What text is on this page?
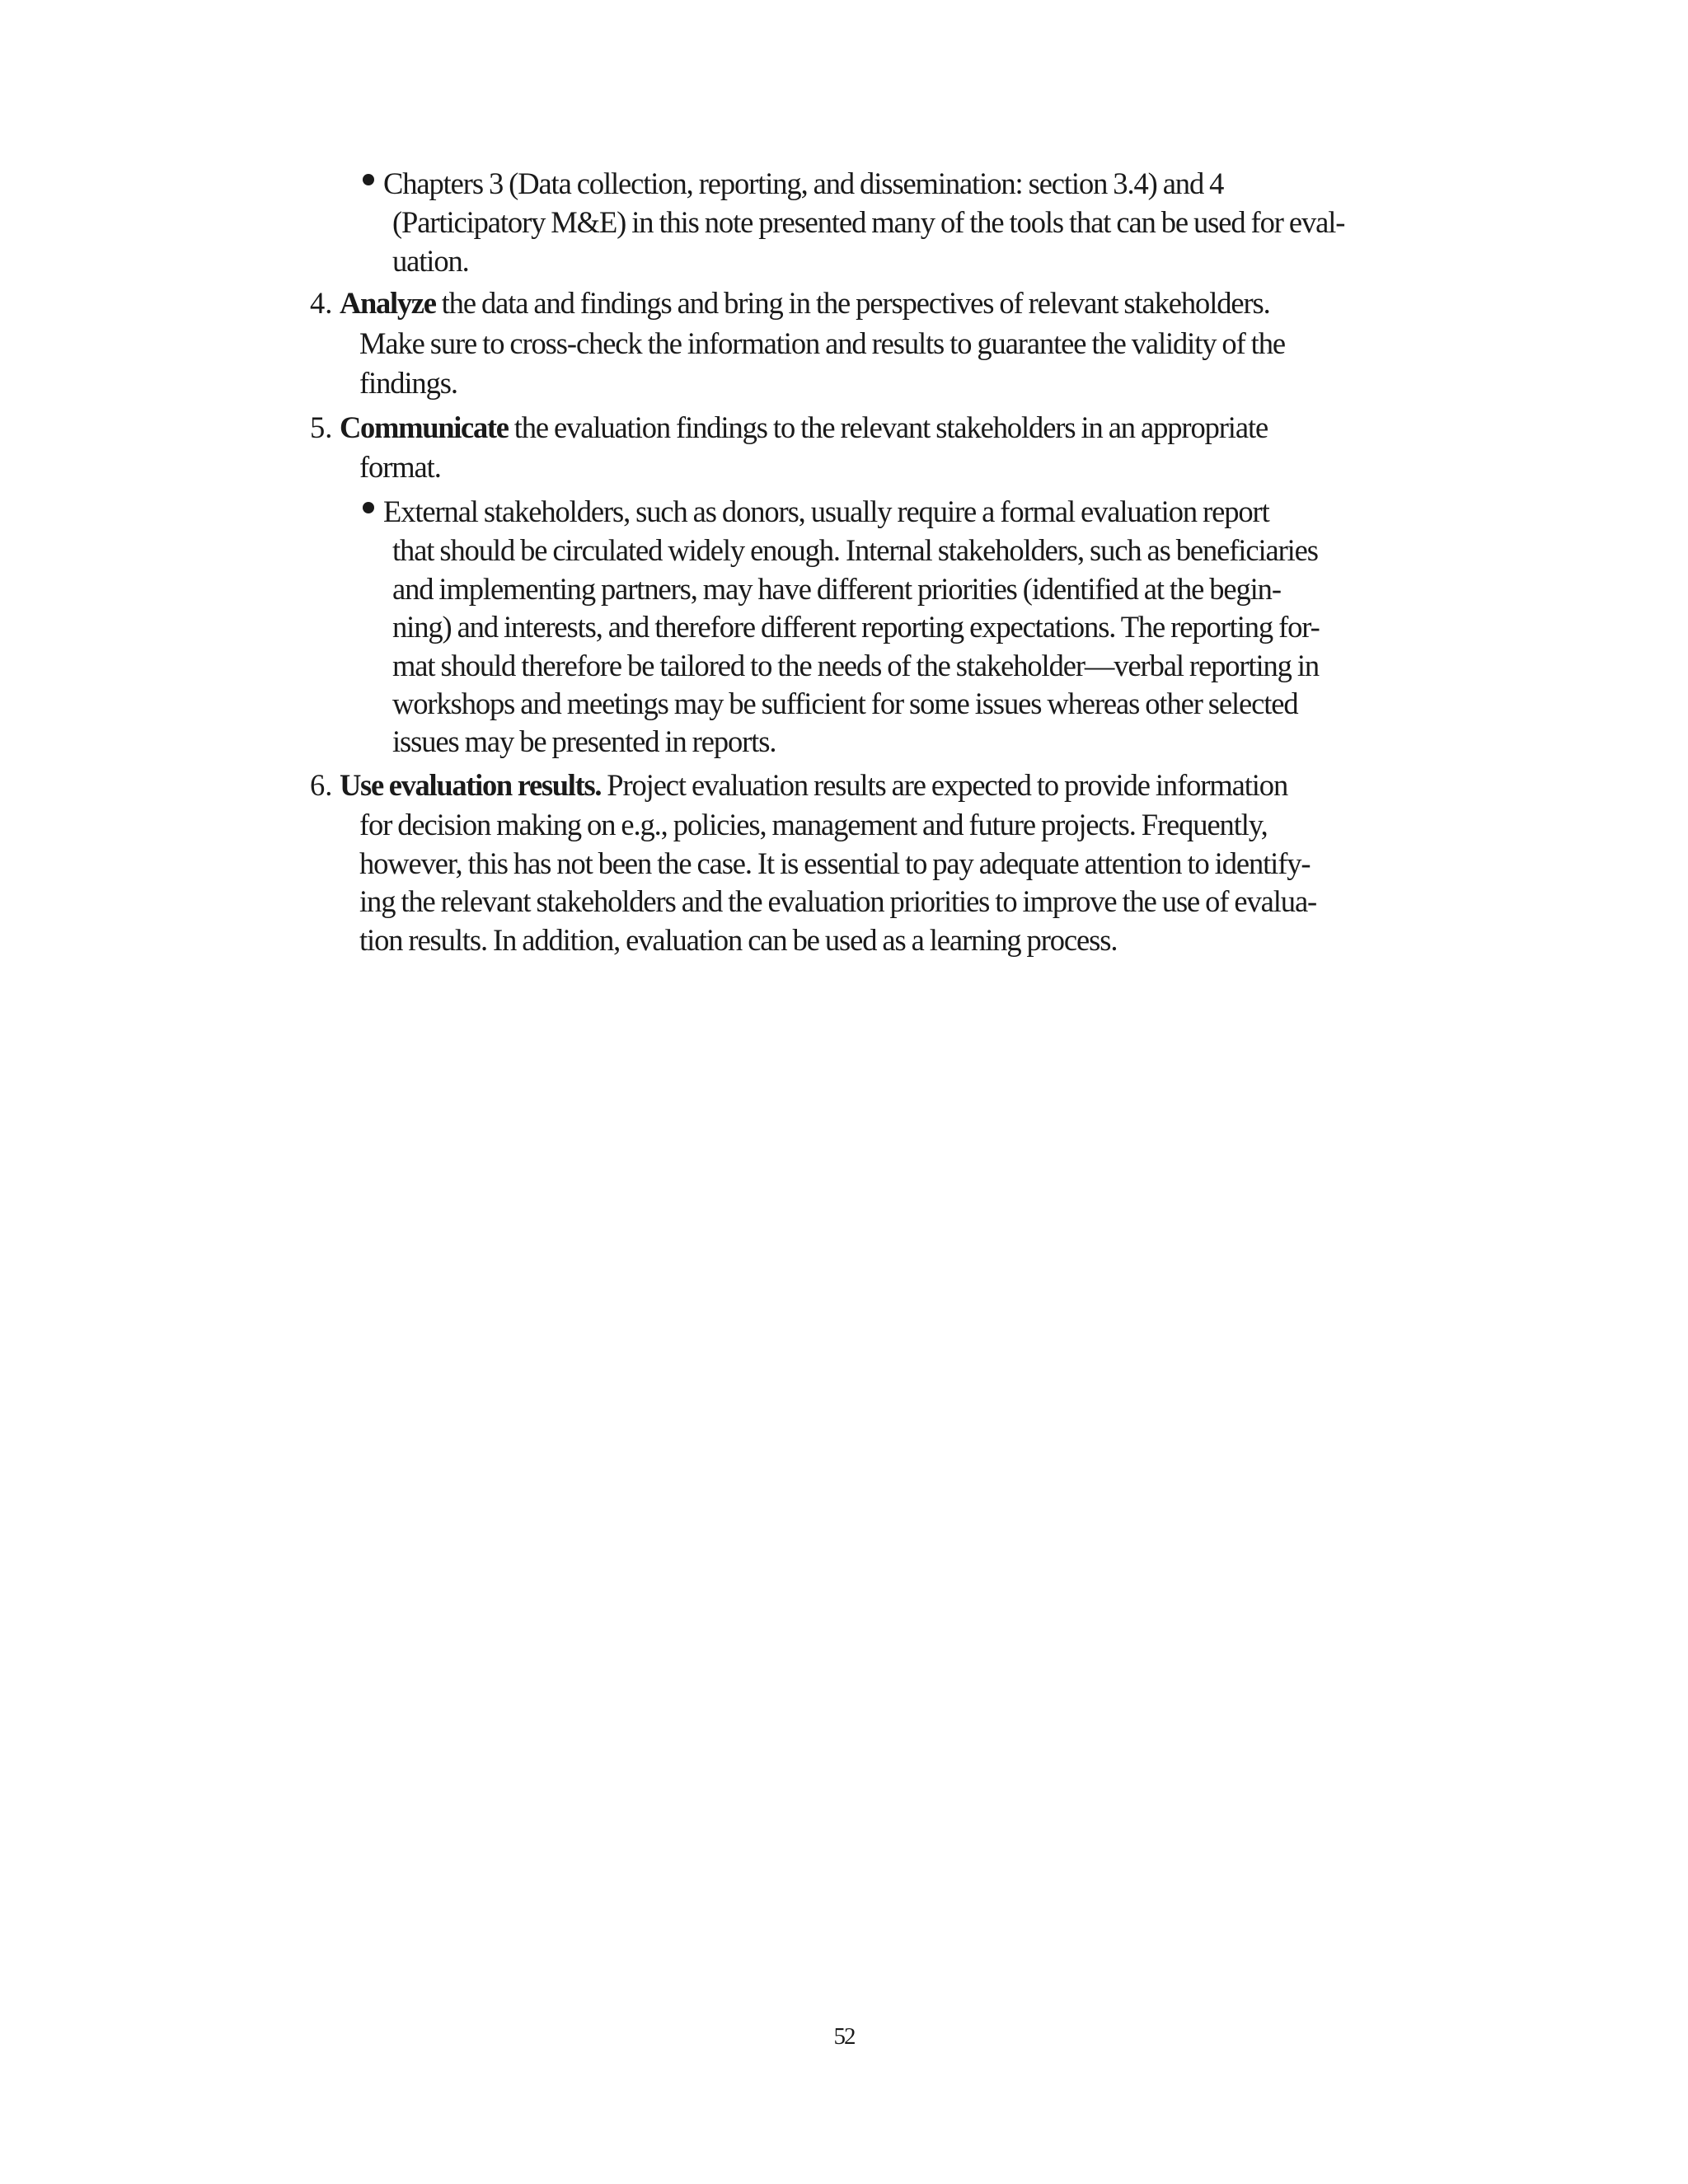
Chapters 3 (Data collection, reporting, and dissemination: section 3.4) and 4
(Participatory M&E) in this note presented many of the tools that can be used for eval-
uation.
4. Analyze the data and findings and bring in the perspectives of relevant stakeholders.
Make sure to cross-check the information and results to guarantee the validity of the
findings.
5. Communicate the evaluation findings to the relevant stakeholders in an appropriate
format.
External stakeholders, such as donors, usually require a formal evaluation report
that should be circulated widely enough. Internal stakeholders, such as beneficiaries
and implementing partners, may have different priorities (identified at the begin-
ning) and interests, and therefore different reporting expectations. The reporting for-
mat should therefore be tailored to the needs of the stakeholder—verbal reporting in
workshops and meetings may be sufficient for some issues whereas other selected
issues may be presented in reports.
6. Use evaluation results. Project evaluation results are expected to provide information
for decision making on e.g., policies, management and future projects. Frequently,
however, this has not been the case. It is essential to pay adequate attention to identify-
ing the relevant stakeholders and the evaluation priorities to improve the use of evalua-
tion results. In addition, evaluation can be used as a learning process.
52
